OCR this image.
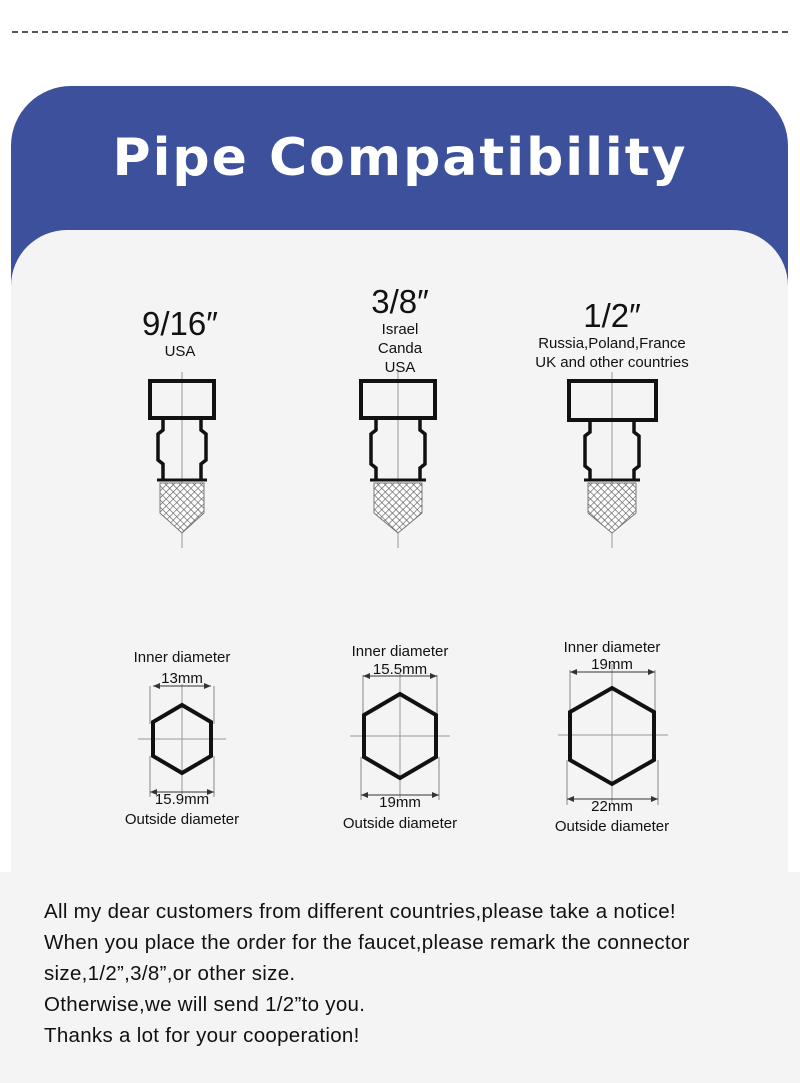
Pipe Compatibility
9/16″
USA
3/8″
Israel
Canda
USA
1/2″
Russia,Poland,France
UK and other countries
Inner diameter
13mm
15.9mm
Outside diameter
Inner diameter
15.5mm
19mm
Outside diameter
Inner diameter
19mm
22mm
Outside diameter
All my dear customers from different countries,please take a notice!
When you place the order for the faucet,please remark the connector
size,1/2”,3/8”,or other size.
Otherwise,we will send 1/2”to you.
Thanks a lot for your cooperation!
